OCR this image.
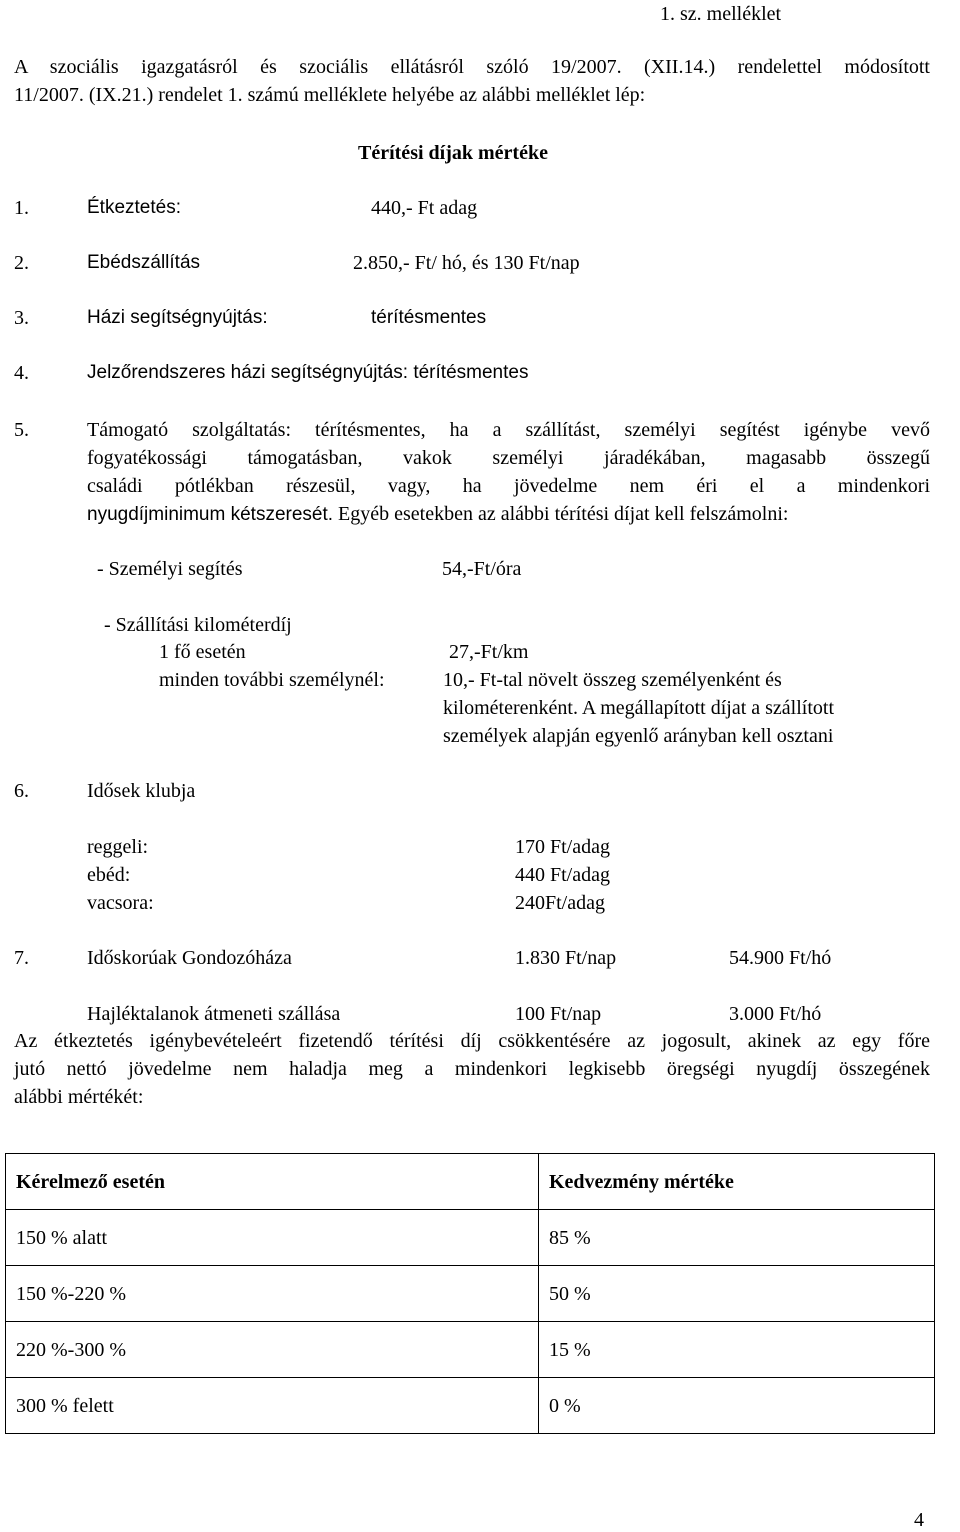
1. sz. melléklet
A szociális igazgatásról és szociális ellátásról szóló 19/2007. (XII.14.) rendelettel módosított
11/2007. (IX.21.) rendelet 1. számú melléklete helyébe az alábbi melléklet lép:
Térítési díjak mértéke
1.	Étkeztetés:	440,- Ft adag
2.	Ebédszállítás	2.850,- Ft/ hó, és 130 Ft/nap
3.	Házi segítségnyújtás:	térítésmentes
4.	Jelzőrendszeres házi segítségnyújtás: térítésmentes
5.	Támogató szolgáltatás: térítésmentes, ha a szállítást, személyi segítést igénybe vevő
fogyatékossági támogatásban, vakok személyi járadékában, magasabb összegű
családi pótlékban részesül, vagy, ha jövedelme nem éri el a mindenkori
nyugdíjminimum kétszeresét. Egyéb esetekben az alábbi térítési díjat kell felszámolni:
- Személyi segítés	54,-Ft/óra
- Szállítási kilométerdíj
1 fő esetén	27,-Ft/km
minden további személynél:	10,- Ft-tal növelt összeg személyenként és
kilométerenként. A megállapított díjat a szállított
személyek alapján egyenlő arányban kell osztani
6.	Idősek klubja
reggeli:	170 Ft/adag
ebéd:	440 Ft/adag
vacsora:	240Ft/adag
7.	Időskorúak Gondozóháza	1.830 Ft/nap	54.900 Ft/hó
Hajléktalanok átmeneti szállása	100 Ft/nap	3.000 Ft/hó
Az étkeztetés igénybevételeért fizetendő térítési díj csökkentésére az jogosult, akinek az egy főre
jutó nettó jövedelme nem haladja meg a mindenkori legkisebb öregségi nyugdíj összegének
alábbi mértékét:
Kérelmező esetén	Kedvezmény mértéke
150 % alatt	85 %
150 %-220 %	50 %
220 %-300 %	15 %
300 % felett	0 %
4
